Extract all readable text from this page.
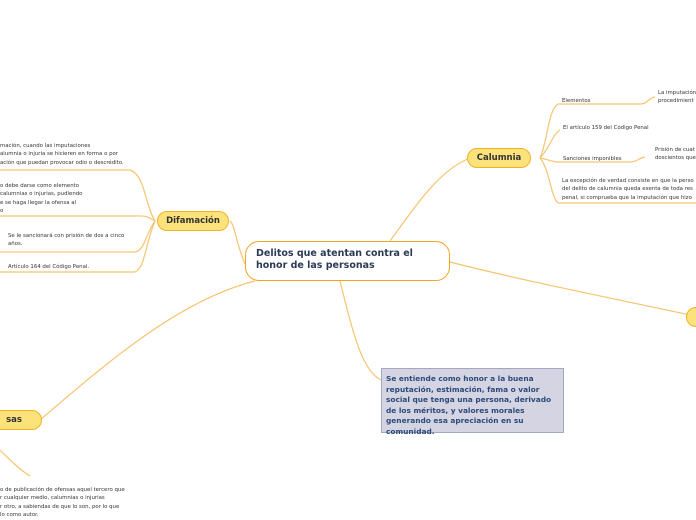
Delitos que atentan contra el honor de las personas
Calumnia
Difamación
sas
Se entiende como honor a la buena reputación, estimación, fama o valor social que tenga una persona, derivado de los méritos, y valores morales generando esa apreciación en su comunidad.
Elementos
La imputación
procedimient
El artículo 159 del Código Penal
Sanciones imponibles
Prisión de cuat
doscientos que
La excepción de verdad consiste en que la perso
del delito de calumnia queda exenta de toda res
penal, si comprueba que la imputación que hizo
mación, cuando las imputaciones
alumnia o injuria se hicieren en forma o por
ación que puedan provocar odio o descrédito.
o debe darse como elemento
calumnias o injurias, pudiendo
e se haga llegar la ofensa al
o
Se le sancionará con prisión de dos a cinco
años.
Artículo 164 del Código Penal.
o de publicación de ofensas aquel tercero que
r cualquier medio, calumnias o injurias
r otro, a sabiendas de que lo son, por lo que
lo como autor.
